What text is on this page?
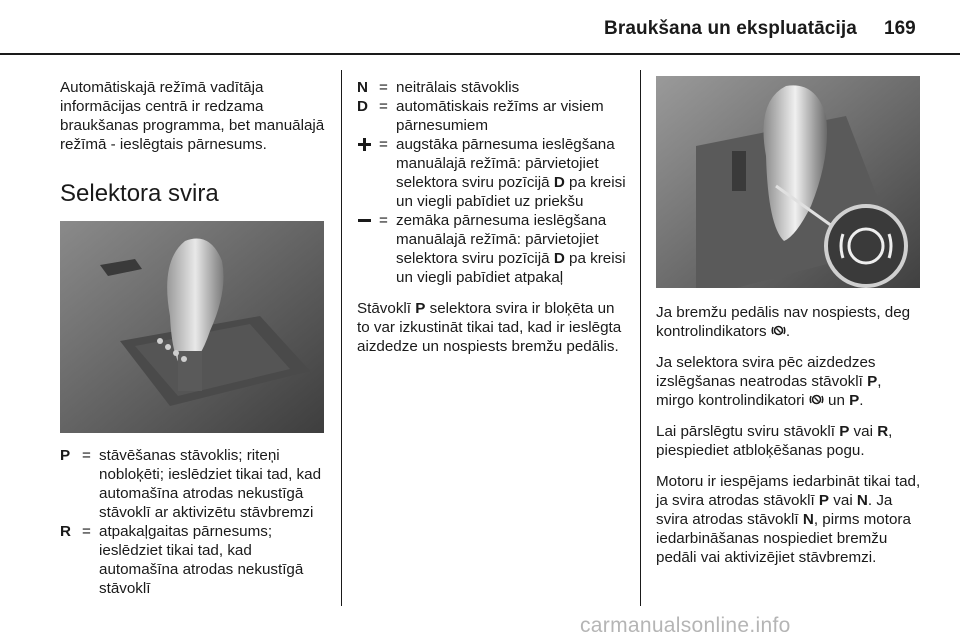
Braukšana un ekspluatācija 169

Automātiskajā režīmā vadītāja informācijas centrā ir redzama braukšanas programma, bet manuālajā režīmā - ieslēgtais pārnesums.

Selektora svira
P = stāvēšanas stāvoklis; riteņi nobloķēti; ieslēdziet tikai tad, kad automašīna atrodas nekustīgā stāvoklī ar aktivizētu stāvbremzi
R = atpakaļgaitas pārnesums; ieslēdziet tikai tad, kad automašīna atrodas nekustīgā stāvoklī
N = neitrālais stāvoklis
D = automātiskais režīms ar visiem pārnesumiem
= augstāka pārnesuma ieslēgšana manuālajā režīmā: pārvietojiet selektora sviru pozīcijā D pa kreisi un viegli pabīdiet uz priekšu
= zemāka pārnesuma ieslēgšana manuālajā režīmā: pārvietojiet selektora sviru pozīcijā D pa kreisi un viegli pabīdiet atpakaļ

Stāvoklī P selektora svira ir bloķēta un to var izkustināt tikai tad, kad ir ieslēgta aizdedze un nospiests bremžu pedālis.

Ja bremžu pedālis nav nospiests, deg kontrolindikators .

Ja selektora svira pēc aizdedzes izslēgšanas neatrodas stāvoklī P, mirgo kontrolindikatori  un P.

Lai pārslēgtu sviru stāvoklī P vai R, piespiediet atbloķēšanas pogu.

Motoru ir iespējams iedarbināt tikai tad, ja svira atrodas stāvoklī P vai N. Ja svira atrodas stāvoklī N, pirms motora iedarbināšanas nospiediet bremžu pedāli vai aktivizējiet stāvbremzi.

carmanualsonline.info
